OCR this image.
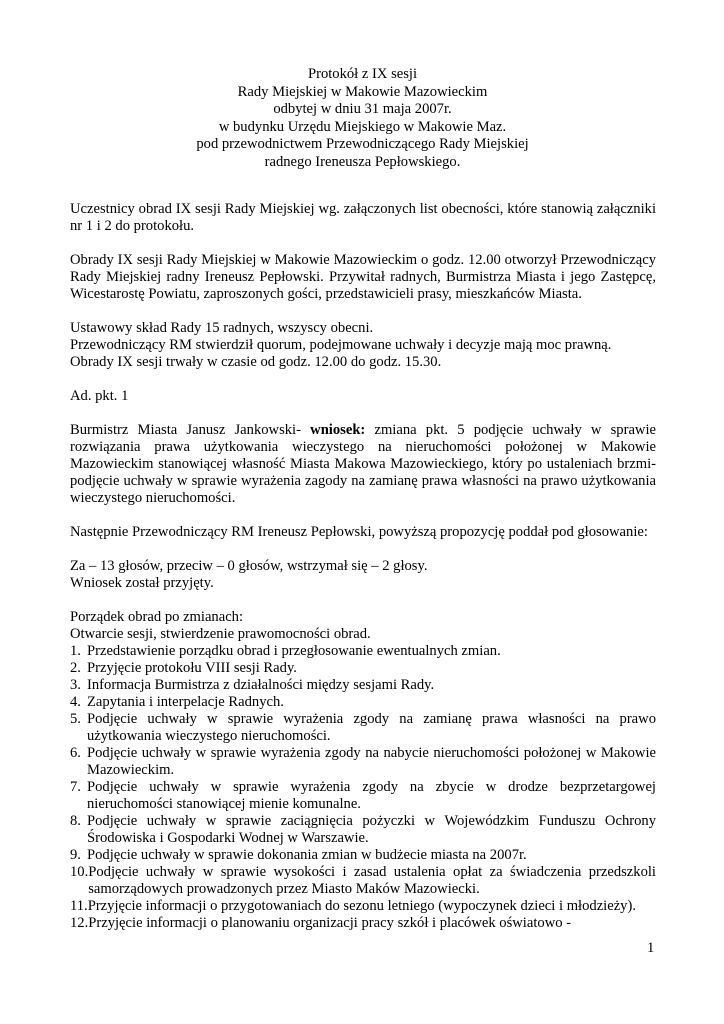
Protokół z IX sesji
Rady Miejskiej w Makowie Mazowieckim
odbytej w dniu 31 maja 2007r.
w budynku Urzędu Miejskiego w Makowie Maz.
pod przewodnictwem Przewodniczącego Rady Miejskiej
radnego Ireneusza Pepłowskiego.

Uczestnicy obrad IX sesji Rady Miejskiej wg. załączonych list obecności, które stanowią załączniki nr 1 i 2 do protokołu.

Obrady IX sesji Rady Miejskiej w Makowie Mazowieckim o godz. 12.00 otworzył Przewodniczący Rady Miejskiej radny Ireneusz Pepłowski. Przywitał radnych, Burmistrza Miasta i jego Zastępcę, Wicestarostę Powiatu, zaproszonych gości, przedstawicieli prasy, mieszkańców Miasta.

Ustawowy skład Rady 15 radnych, wszyscy obecni.
Przewodniczący RM stwierdził quorum, podejmowane uchwały i decyzje mają moc prawną.
Obrady IX sesji trwały w czasie od godz. 12.00 do godz. 15.30.
Ad. pkt. 1

Burmistrz Miasta Janusz Jankowski- wniosek: zmiana pkt. 5 podjęcie uchwały w sprawie rozwiązania prawa użytkowania wieczystego na nieruchomości położonej w Makowie Mazowieckim stanowiącej własność Miasta Makowa Mazowieckiego, który po ustaleniach brzmi- podjęcie uchwały w sprawie wyrażenia zagody na zamianę prawa własności na prawo użytkowania wieczystego nieruchomości.

Następnie Przewodniczący RM Ireneusz Pepłowski, powyższą propozycję poddał pod głosowanie:
Za – 13 głosów, przeciw – 0 głosów, wstrzymał się – 2 głosy.
Wniosek został przyjęty.
Porządek obrad po zmianach:
Otwarcie sesji, stwierdzenie prawomocności obrad.
1. Przedstawienie porządku obrad i przegłosowanie ewentualnych zmian.
2. Przyjęcie protokołu VIII sesji Rady.
3. Informacja Burmistrza z działalności między sesjami Rady.
4. Zapytania i interpelacje Radnych.
5. Podjęcie uchwały w sprawie wyrażenia zgody na zamianę prawa własności na prawo użytkowania wieczystego nieruchomości.
6. Podjęcie uchwały w sprawie wyrażenia zgody na nabycie nieruchomości położonej w Makowie Mazowieckim.
7. Podjęcie uchwały w sprawie wyrażenia zgody na zbycie w drodze bezprzetargowej nieruchomości stanowiącej mienie komunalne.
8. Podjęcie uchwały w sprawie zaciągnięcia pożyczki w Wojewódzkim Funduszu Ochrony Środowiska i Gospodarki Wodnej w Warszawie.
9. Podjęcie uchwały w sprawie dokonania zmian w budżecie miasta na 2007r.
10. Podjęcie uchwały w sprawie wysokości i zasad ustalenia opłat za świadczenia przedszkoli samorządowych prowadzonych przez Miasto Maków Mazowiecki.
11. Przyjęcie informacji o przygotowaniach do sezonu letniego (wypoczynek dzieci i młodzieży).
12. Przyjęcie informacji o planowaniu organizacji pracy szkół i placówek oświatowo -
1
